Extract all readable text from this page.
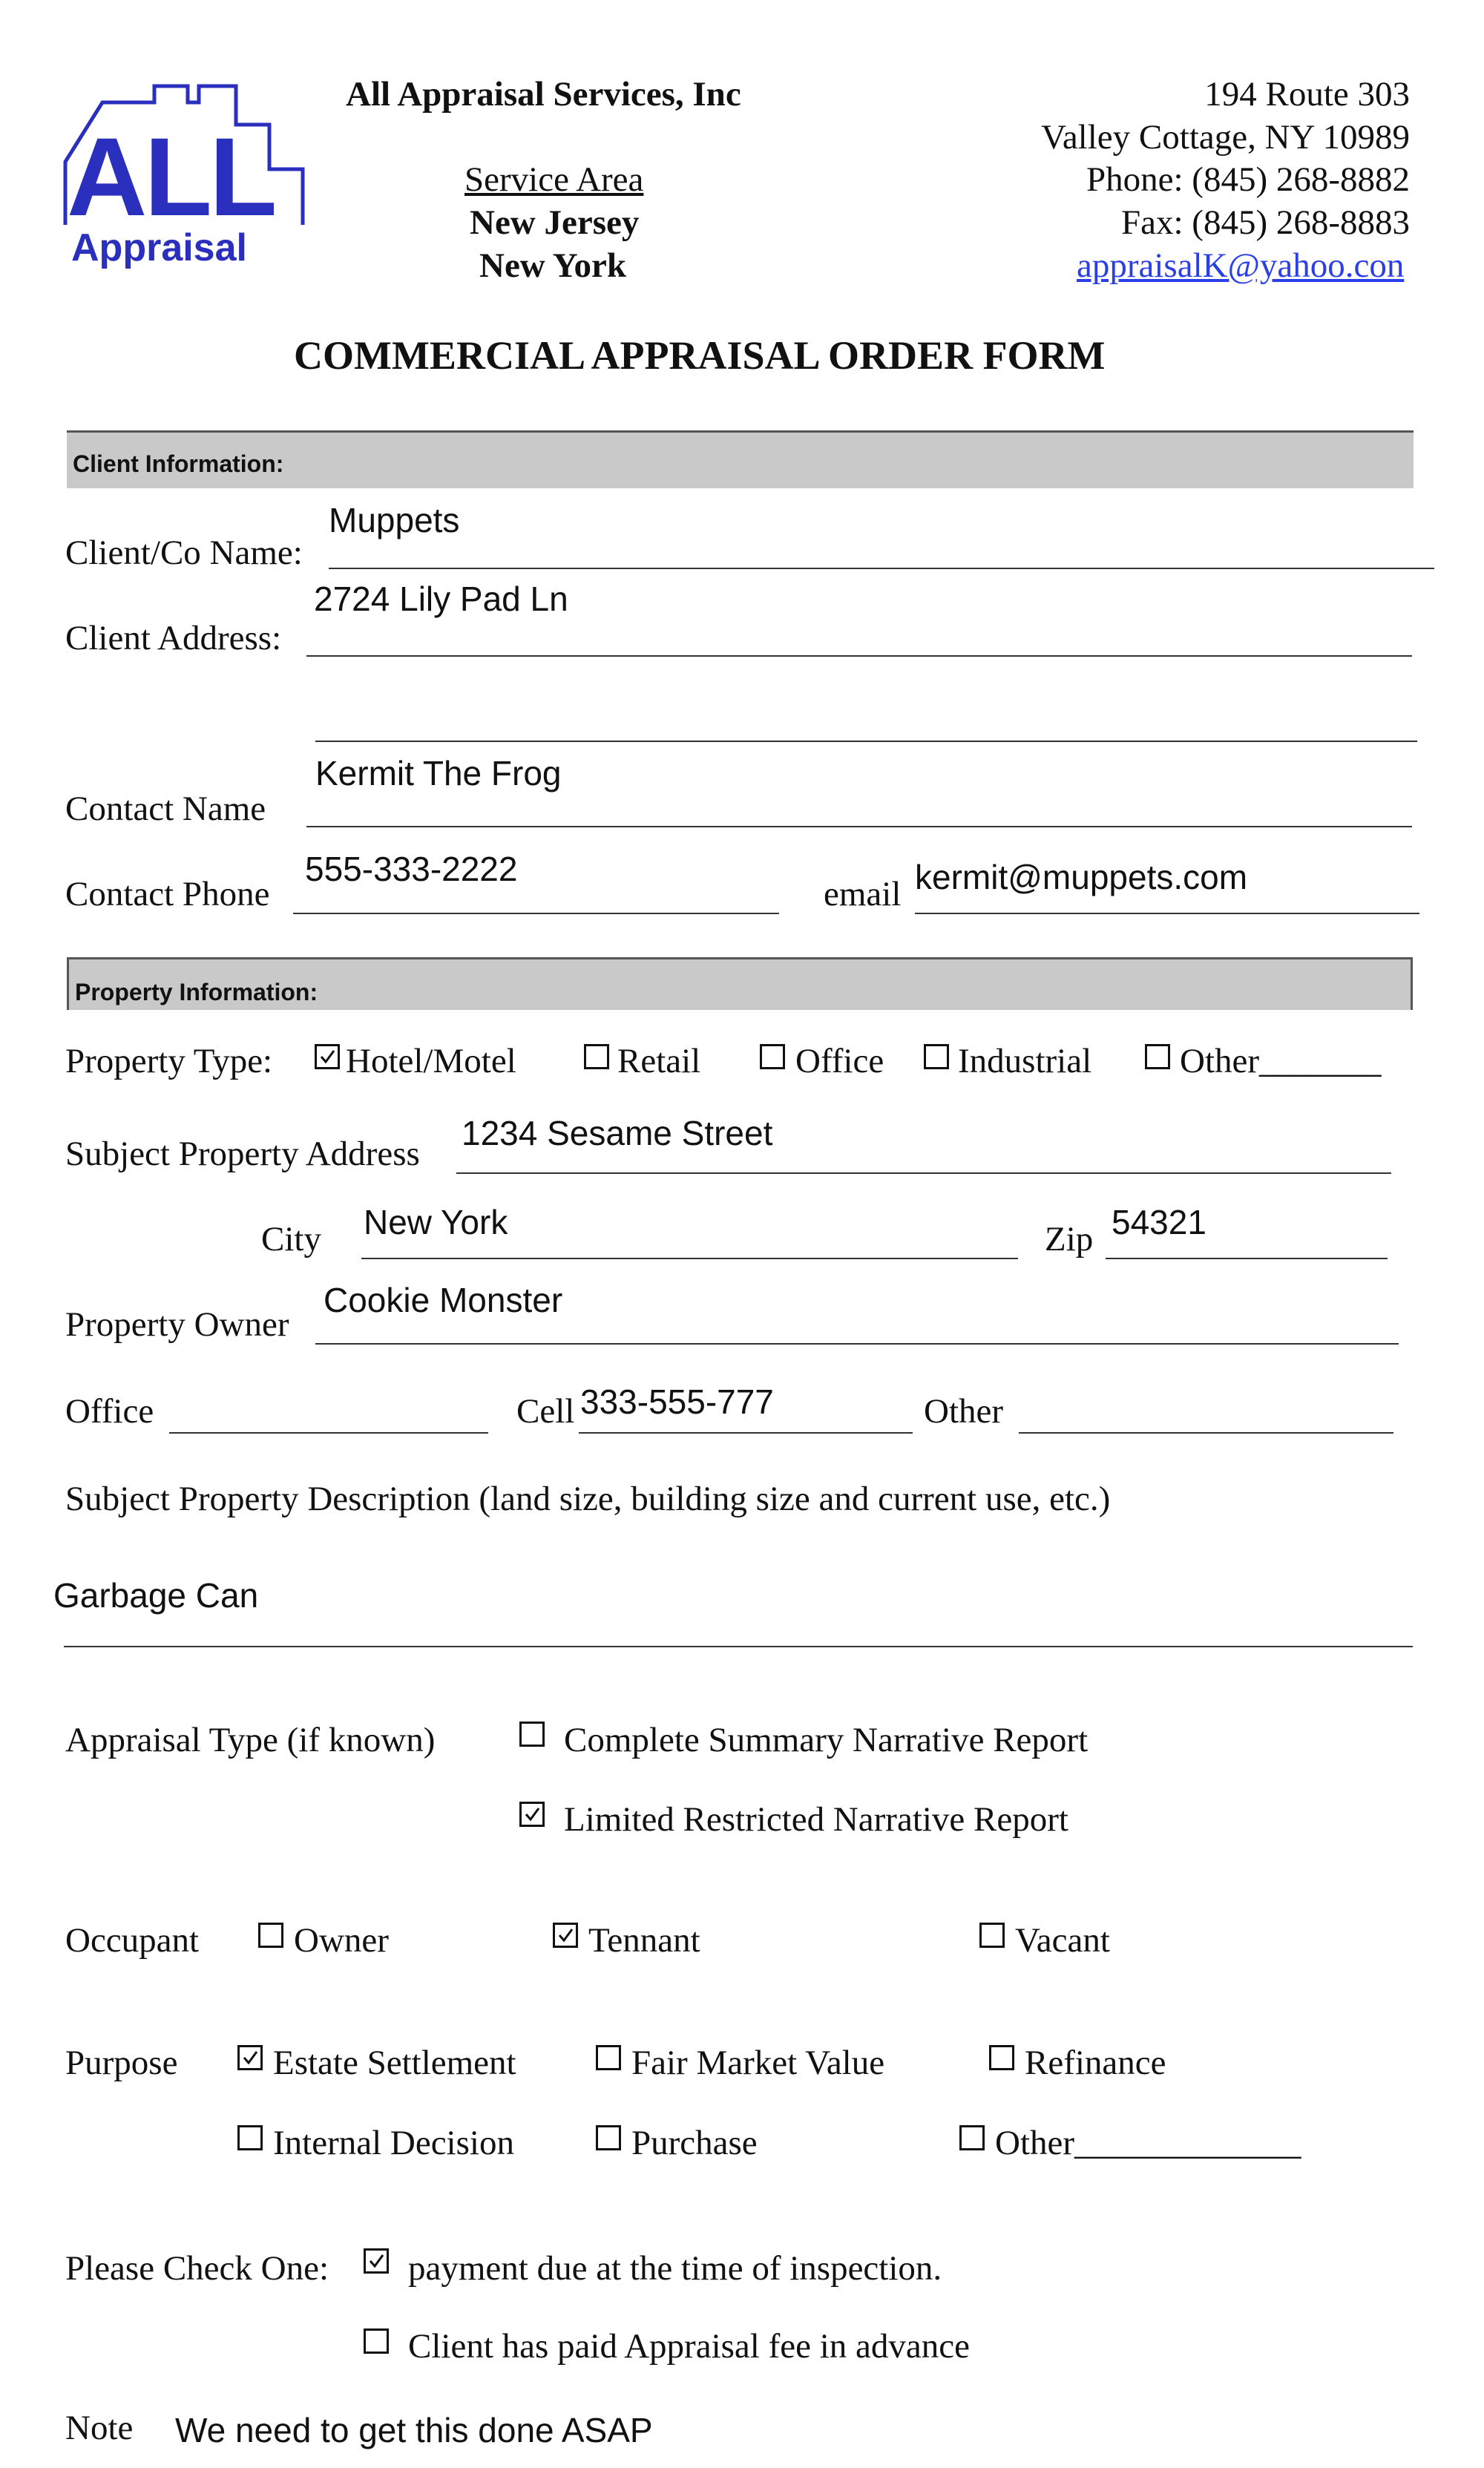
ALL
Appraisal
All Appraisal Services, Inc
Service Area
New Jersey
New York
194 Route 303
Valley Cottage, NY 10989
Phone: (845) 268-8882
Fax: (845) 268-8883
appraisalK@yahoo.con
COMMERCIAL APPRAISAL ORDER FORM
Client Information:
Client/Co Name:
Muppets
Client Address:
2724 Lily Pad Ln
Contact Name
Kermit The Frog
Contact Phone
555-333-2222
email kermit@muppets.com
Property Information:
Property Type: Hotel/Motel	Retail	Office Industrial	Other_______
Subject Property Address
1234 Sesame Street
City New York	Zip 54321
Property Owner
Cookie Monster
Office	Cell 333-555-777	Other
Subject Property Description (land size, building size and current use, etc.)
Garbage Can
Appraisal Type (if known)	Complete Summary Narrative Report
Limited Restricted Narrative Report
Occupant	Owner	Tennant	Vacant
Purpose	Estate Settlement	Fair Market Value	Refinance
Internal Decision	Purchase	Other_____________
Please Check One: payment due at the time of inspection.
Client has paid Appraisal fee in advance
Note We need to get this done ASAP
